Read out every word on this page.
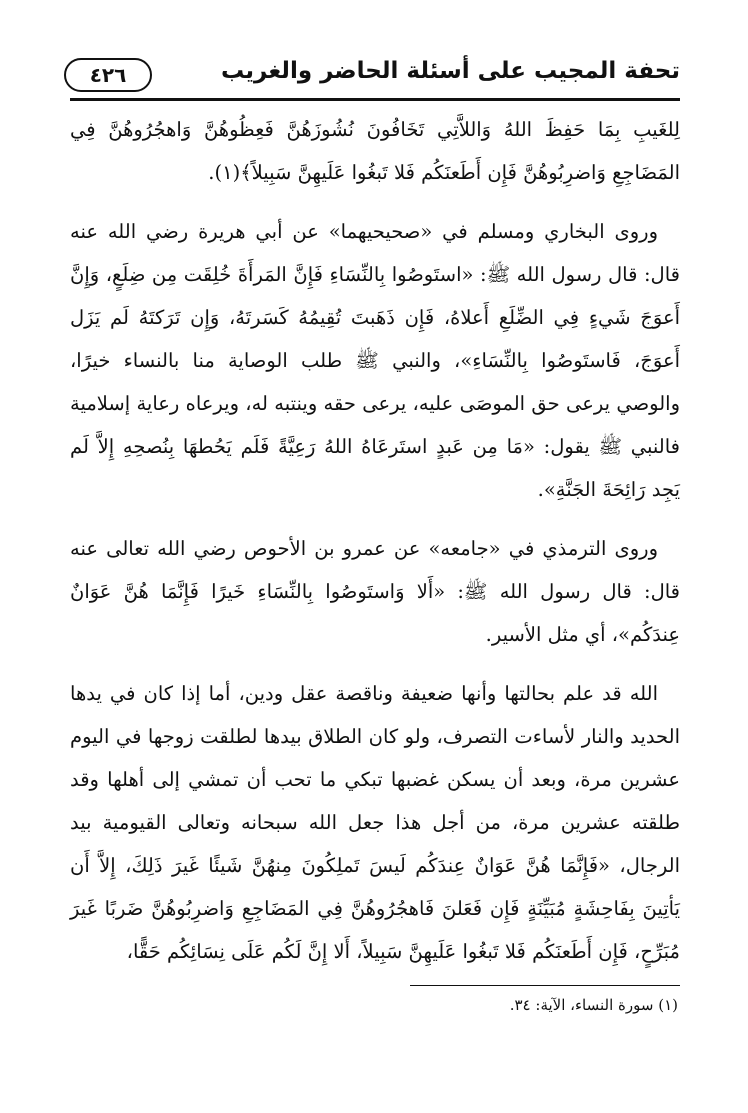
تحفة المجيب على أسئلة الحاضر والغريب
٤٢٦

لِلغَيبِ بِمَا حَفِظَ اللهُ وَاللاَّتِي تَخَافُونَ نُشُوزَهُنَّ فَعِظُوهُنَّ وَاهجُرُوهُنَّ فِي المَضَاجِعِ وَاضرِبُوهُنَّ فَإِن أَطَعنَكُم فَلا تَبغُوا عَلَيهِنَّ سَبِيلاً﴾(١).

وروى البخاري ومسلم في «صحيحيهما» عن أبي هريرة رضي الله عنه قال: قال رسول الله ﷺ: «استَوصُوا بِالنِّسَاءِ فَإِنَّ المَرأَةَ خُلِقَت مِن ضِلَعٍ، وَإِنَّ أَعوَجَ شَيءٍ فِي الضِّلَعِ أَعلاهُ، فَإِن ذَهَبتَ تُقِيمُهُ كَسَرتَهُ، وَإِن تَرَكتَهُ لَم يَزَل أَعوَجَ، فَاستَوصُوا بِالنِّسَاءِ»، والنبي ﷺ طلب الوصاية منا بالنساء خيرًا، والوصي يرعى حق الموصَى عليه، يرعى حقه وينتبه له، ويرعاه رعاية إسلامية فالنبي ﷺ يقول: «مَا مِن عَبدٍ استَرعَاهُ اللهُ رَعِيَّةً فَلَم يَحُطهَا بِنُصحِهِ إِلاَّ لَم يَجِد رَائِحَةَ الجَنَّةِ».

وروى الترمذي في «جامعه» عن عمرو بن الأحوص رضي الله تعالى عنه قال: قال رسول الله ﷺ: «أَلا وَاستَوصُوا بِالنِّسَاءِ خَيرًا فَإِنَّمَا هُنَّ عَوَانٌ عِندَكُم»، أي مثل الأسير.

الله قد علم بحالتها وأنها ضعيفة وناقصة عقل ودين، أما إذا كان في يدها الحديد والنار لأساءت التصرف، ولو كان الطلاق بيدها لطلقت زوجها في اليوم عشرين مرة، وبعد أن يسكن غضبها تبكي ما تحب أن تمشي إلى أهلها وقد طلقته عشرين مرة، من أجل هذا جعل الله سبحانه وتعالى القيومية بيد الرجال، «فَإِنَّمَا هُنَّ عَوَانٌ عِندَكُم لَيسَ تَملِكُونَ مِنهُنَّ شَيئًا غَيرَ ذَلِكَ، إِلاَّ أَن يَأتِينَ بِفَاحِشَةٍ مُبَيِّنَةٍ فَإِن فَعَلنَ فَاهجُرُوهُنَّ فِي المَضَاجِعِ وَاضرِبُوهُنَّ ضَربًا غَيرَ مُبَرِّحٍ، فَإِن أَطَعنَكُم فَلا تَبغُوا عَلَيهِنَّ سَبِيلاً، أَلا إِنَّ لَكُم عَلَى نِسَائِكُم حَقًّا،

(١) سورة النساء، الآية: ٣٤.
